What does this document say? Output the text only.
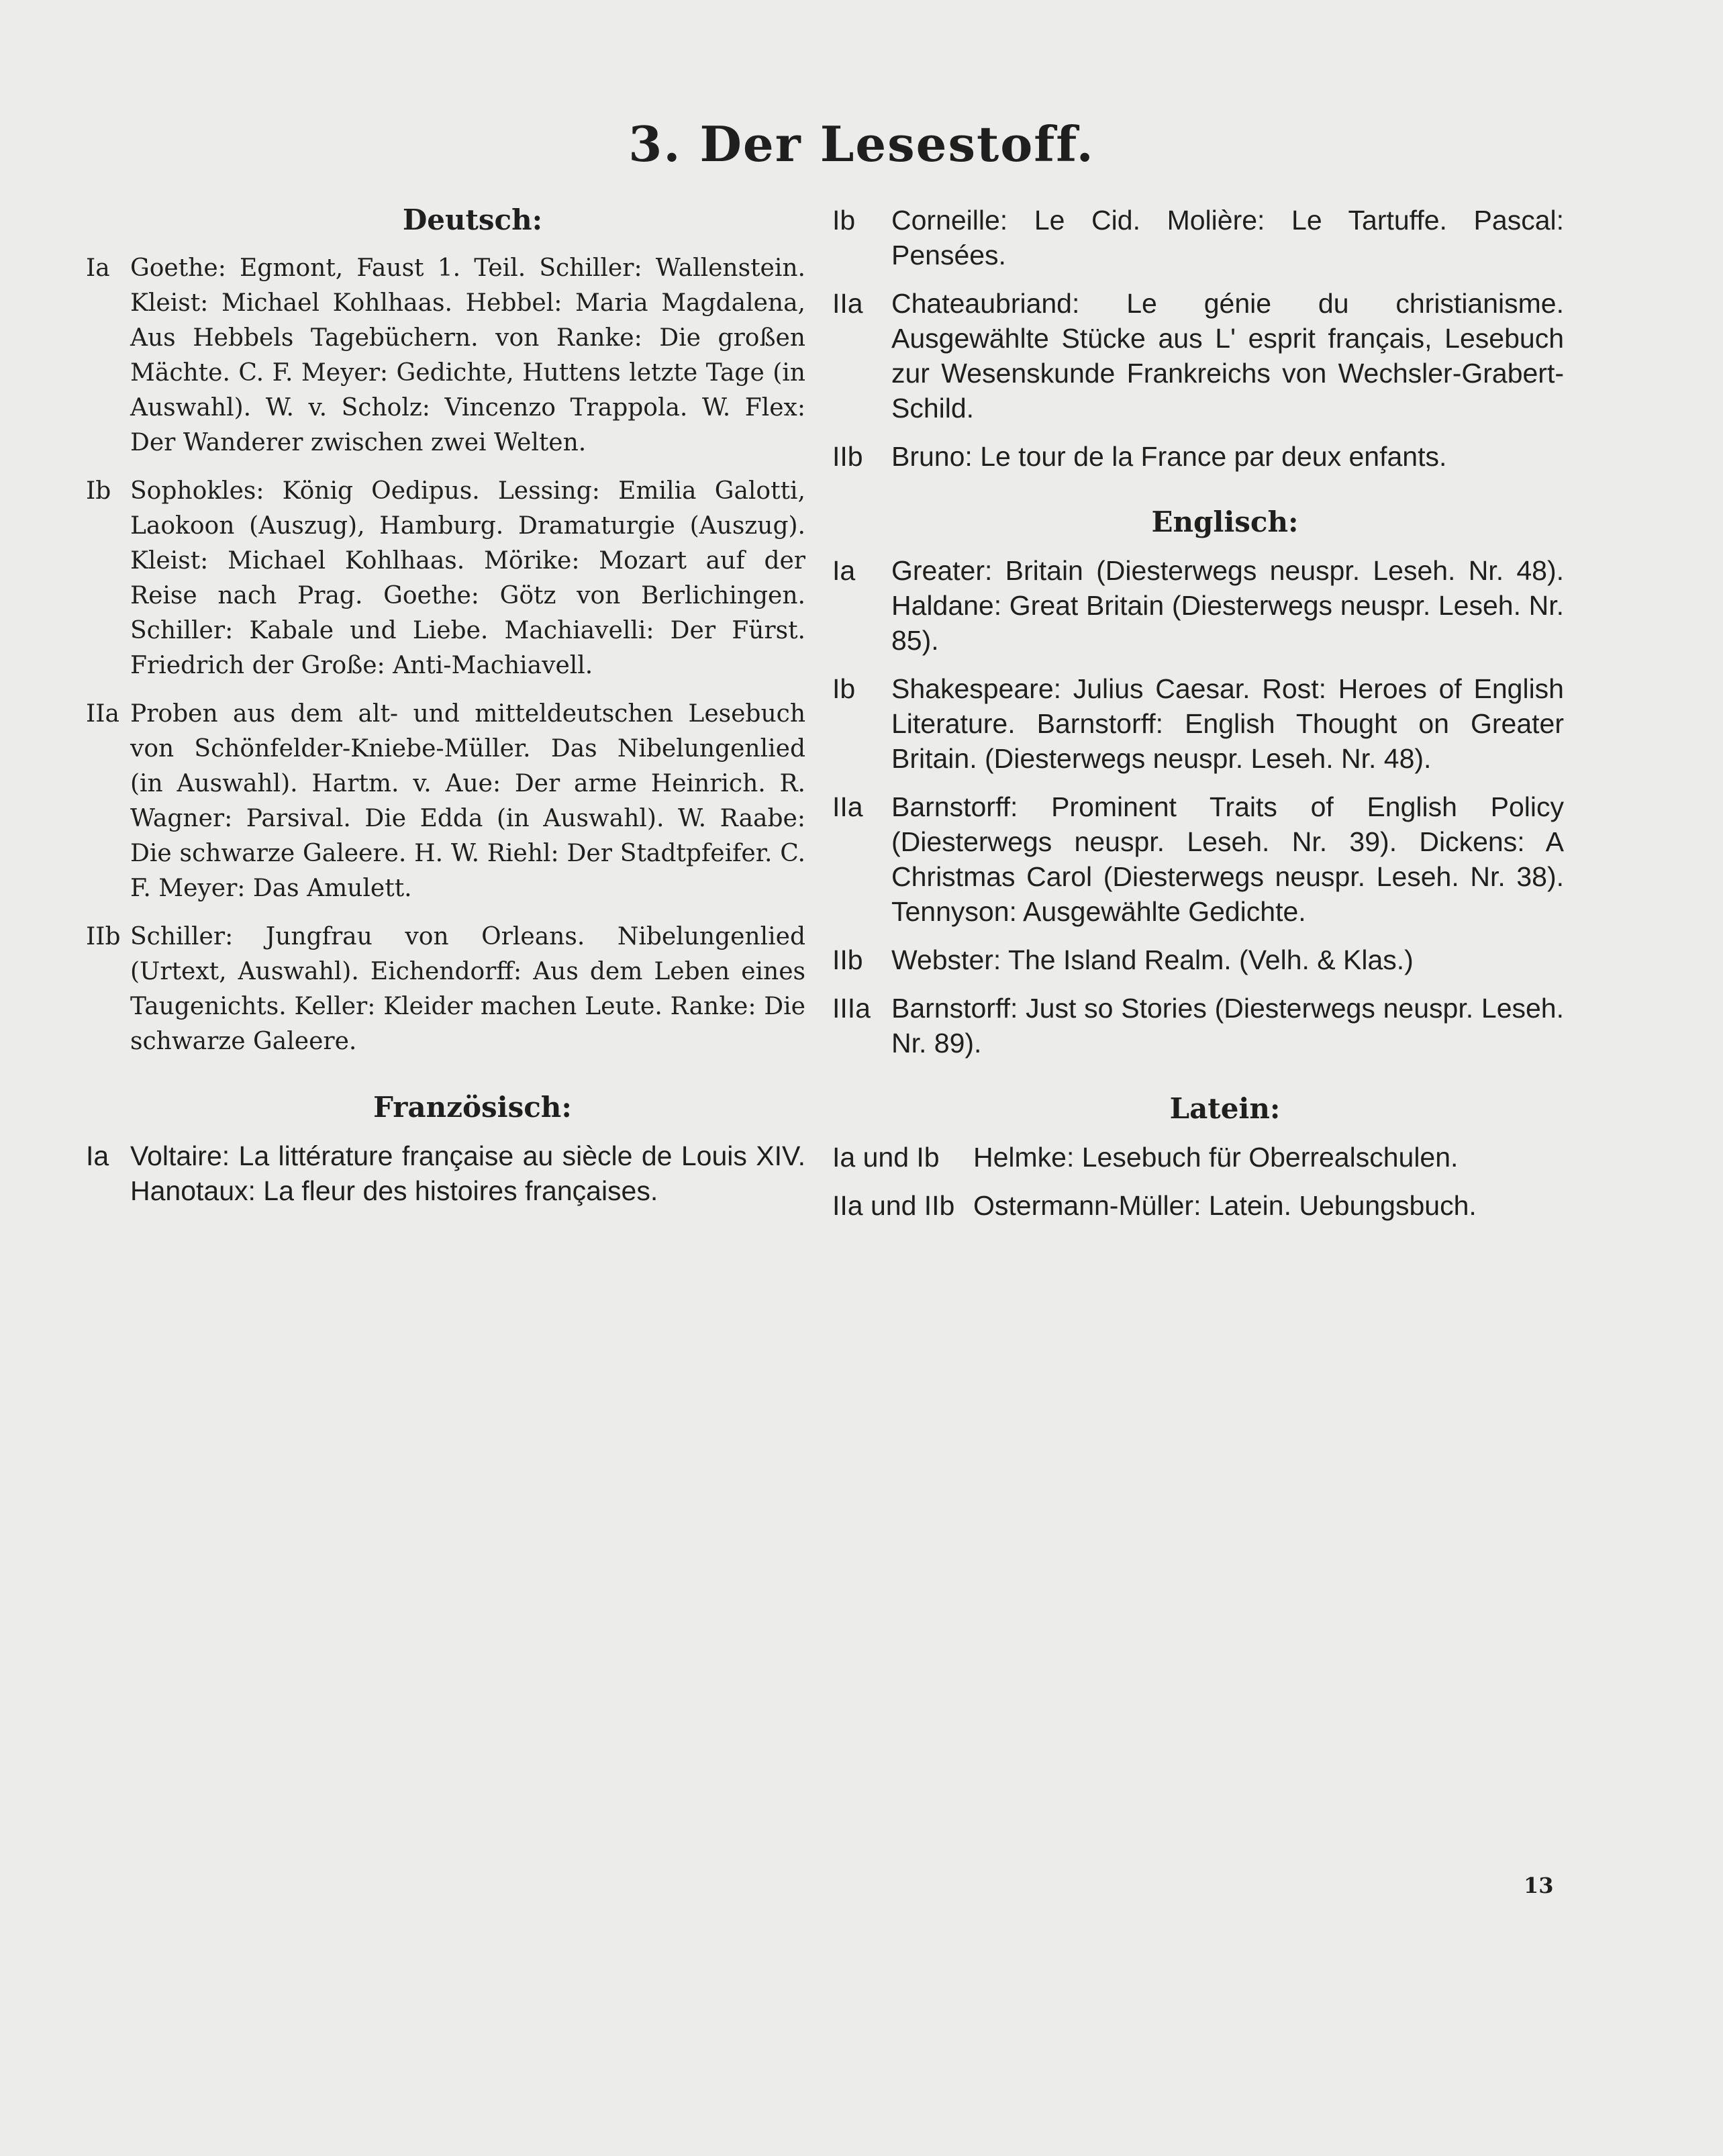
3. Der Lesestoff.
Deutsch:
Ia Goethe: Egmont, Faust 1. Teil. Schiller: Wallenstein. Kleist: Michael Kohlhaas. Hebbel: Maria Magdalena, Aus Hebbels Tagebüchern. von Ranke: Die großen Mächte. C. F. Meyer: Gedichte, Huttens letzte Tage (in Auswahl). W. v. Scholz: Vincenzo Trappola. W. Flex: Der Wanderer zwischen zwei Welten.
Ib Sophokles: König Oedipus. Lessing: Emilia Galotti, Laokoon (Auszug), Hamburg. Dramaturgie (Auszug). Kleist: Michael Kohlhaas. Mörike: Mozart auf der Reise nach Prag. Goethe: Götz von Berlichingen. Schiller: Kabale und Liebe. Machiavelli: Der Fürst. Friedrich der Große: Anti-Machiavell.
IIa Proben aus dem alt- und mitteldeutschen Lesebuch von Schönfelder-Kniebe-Müller. Das Nibelungenlied (in Auswahl). Hartm. v. Aue: Der arme Heinrich. R. Wagner: Parsival. Die Edda (in Auswahl). W. Raabe: Die schwarze Galeere. H. W. Riehl: Der Stadtpfeifer. C. F. Meyer: Das Amulett.
IIb Schiller: Jungfrau von Orleans. Nibelungenlied (Urtext, Auswahl). Eichendorff: Aus dem Leben eines Taugenichts. Keller: Kleider machen Leute. Ranke: Die schwarze Galeere.
Französisch:
Ia Voltaire: La littérature française au siècle de Louis XIV. Hanotaux: La fleur des histoires françaises.
Ib	Corneille: Le Cid. Molière: Le Tartuffe. Pascal: Pensées.
IIa	Chateaubriand: Le génie du christianisme. Ausgewählte Stücke aus L' esprit français, Lesebuch zur Wesenskunde Frankreichs von Wechsler-Grabert-Schild.
IIb	Bruno: Le tour de la France par deux enfants.
Englisch:
Ia	Greater: Britain (Diesterwegs neuspr. Leseh. Nr. 48). Haldane: Great Britain (Diesterwegs neuspr. Leseh. Nr. 85).
Ib	Shakespeare: Julius Caesar. Rost: Heroes of English Literature. Barnstorff: English Thought on Greater Britain. (Diesterwegs neuspr. Leseh. Nr. 48).
IIa	Barnstorff: Prominent Traits of English Policy (Diesterwegs neuspr. Leseh. Nr. 39). Dickens: A Christmas Carol (Diesterwegs neuspr. Leseh. Nr. 38). Tennyson: Ausgewählte Gedichte.
IIb	Webster: The Island Realm. (Velh. & Klas.)
IIIa Barnstorff: Just so Stories (Diesterwegs neuspr. Leseh. Nr. 89).
Latein:
Ia und Ib	Helmke: Lesebuch für Oberrealschulen.
IIa und IIb Ostermann-Müller: Latein. Uebungsbuch.
13
